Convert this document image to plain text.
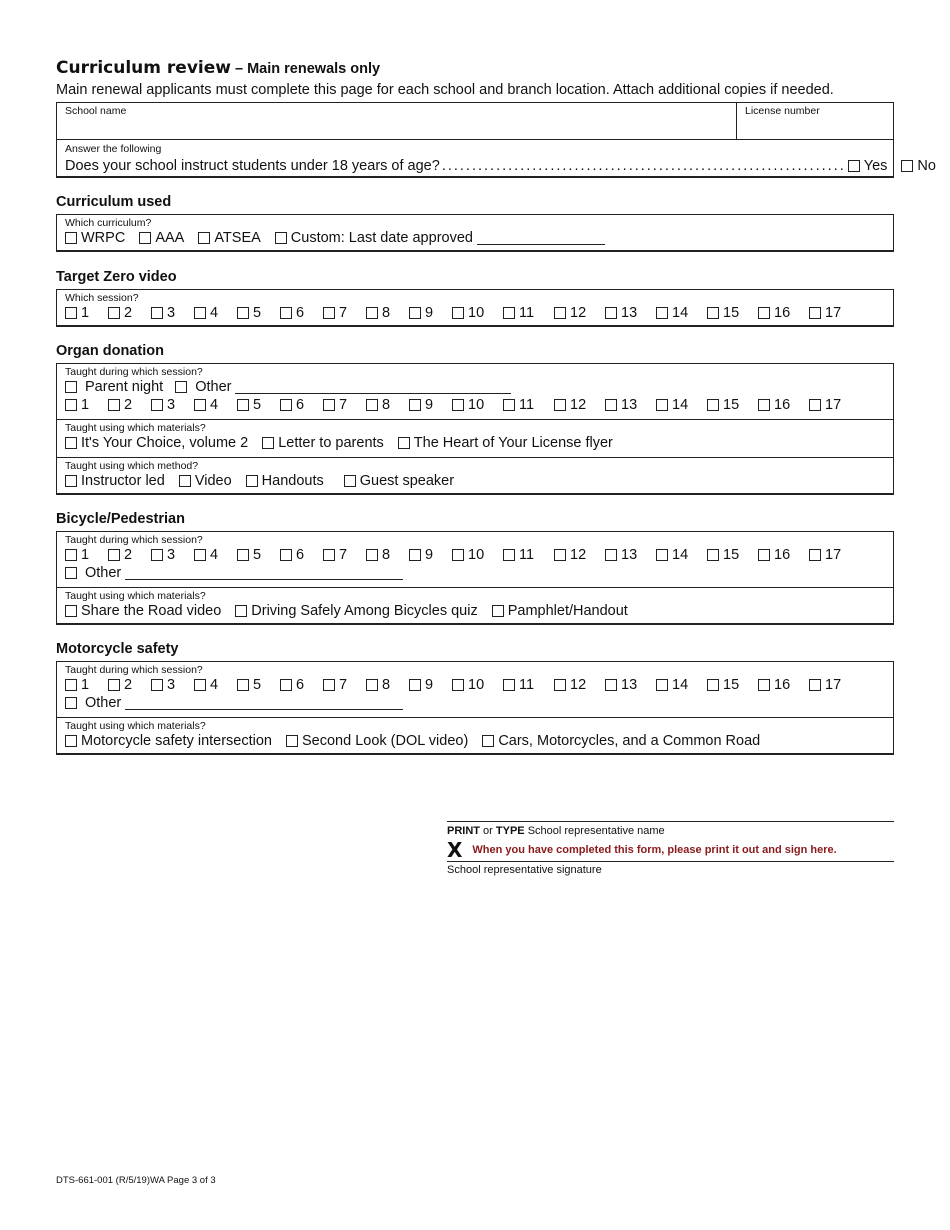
Curriculum review – Main renewals only
Main renewal applicants must complete this page for each school and branch location. Attach additional copies if needed.
School name	License number
Answer the following
Does your school instruct students under 18 years of age? ................................................................... Yes No
Curriculum used
Which curriculum?
WRPC AAA ATSEA Custom: Last date approved
Target Zero video
Which session?
1 2 3 4 5 6 7 8 9 10 11 12 13 14 15 16 17
Organ donation
Taught during which session?
Parent night Other
1 2 3 4 5 6 7 8 9 10 11 12 13 14 15 16 17
Taught using which materials?
It's Your Choice, volume 2 Letter to parents The Heart of Your License flyer
Taught using which method?
Instructor led Video Handouts Guest speaker
Bicycle/Pedestrian
Taught during which session?
1 2 3 4 5 6 7 8 9 10 11 12 13 14 15 16 17
Other
Taught using which materials?
Share the Road video Driving Safely Among Bicycles quiz Pamphlet/Handout
Motorcycle safety
Taught during which session?
1 2 3 4 5 6 7 8 9 10 11 12 13 14 15 16 17
Other
Taught using which materials?
Motorcycle safety intersection Second Look (DOL video) Cars, Motorcycles, and a Common Road
PRINT or TYPE School representative name
X When you have completed this form, please print it out and sign here.
School representative signature
DTS-661-001 (R/5/19)WA Page 3 of 3
